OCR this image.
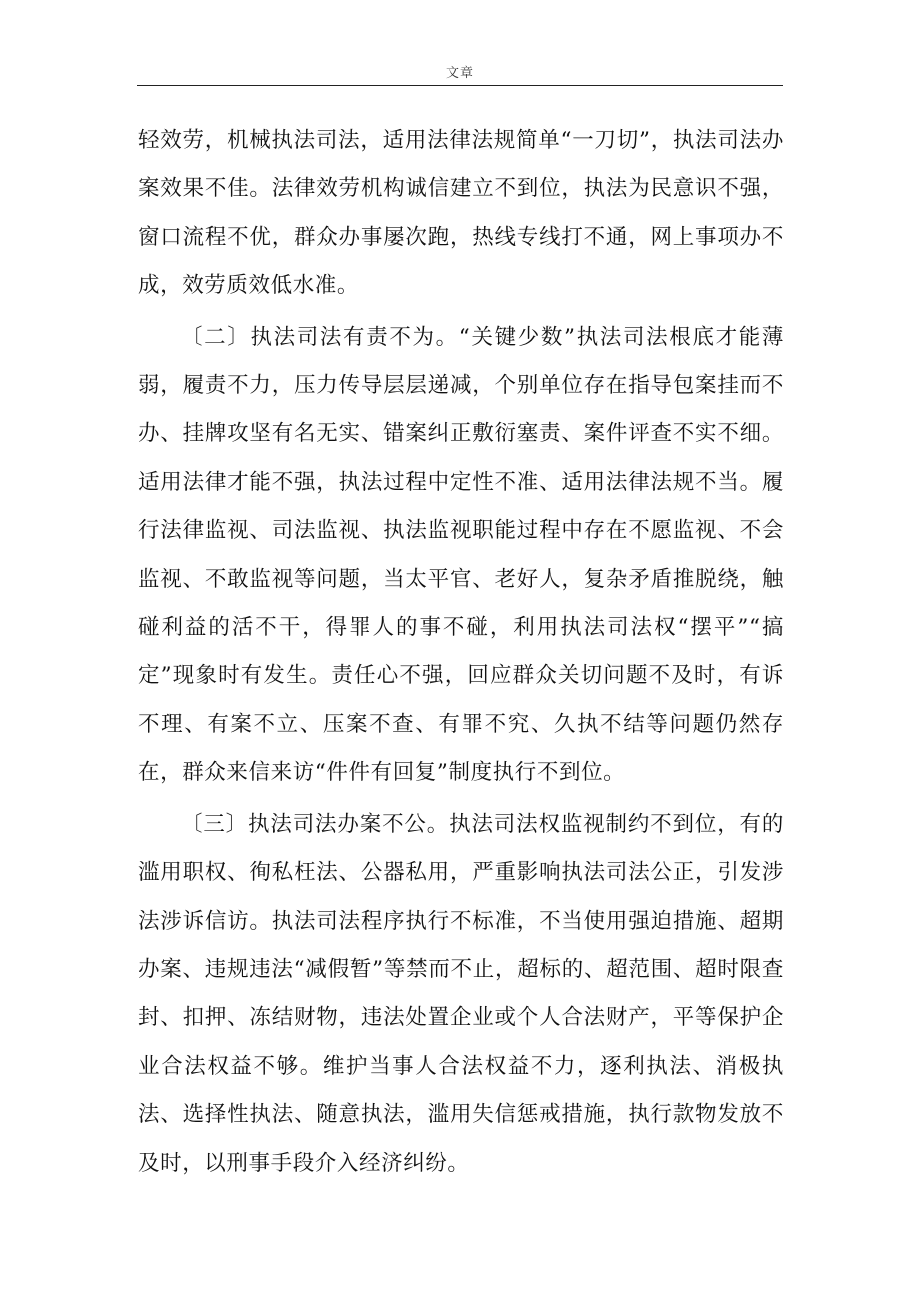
文章

轻效劳，机械执法司法，适用法律法规简单“一刀切”，执法司法办案效果不佳。法律效劳机构诚信建立不到位，执法为民意识不强，窗口流程不优，群众办事屡次跑，热线专线打不通，网上事项办不成，效劳质效低水准。

〔二〕执法司法有责不为。“关键少数”执法司法根底才能薄弱，履责不力，压力传导层层递减，个别单位存在指导包案挂而不办、挂牌攻坚有名无实、错案纠正敷衍塞责、案件评查不实不细。适用法律才能不强，执法过程中定性不准、适用法律法规不当。履行法律监视、司法监视、执法监视职能过程中存在不愿监视、不会监视、不敢监视等问题，当太平官、老好人，复杂矛盾推脱绕，触碰利益的活不干，得罪人的事不碰，利用执法司法权“摆平”“搞定”现象时有发生。责任心不强，回应群众关切问题不及时，有诉不理、有案不立、压案不查、有罪不究、久执不结等问题仍然存在，群众来信来访“件件有回复”制度执行不到位。

〔三〕执法司法办案不公。执法司法权监视制约不到位，有的滥用职权、徇私枉法、公器私用，严重影响执法司法公正，引发涉法涉诉信访。执法司法程序执行不标准，不当使用强迫措施、超期办案、违规违法“减假暂”等禁而不止，超标的、超范围、超时限查封、扣押、冻结财物，违法处置企业或个人合法财产，平等保护企业合法权益不够。维护当事人合法权益不力，逐利执法、消极执法、选择性执法、随意执法，滥用失信惩戒措施，执行款物发放不及时，以刑事手段介入经济纠纷。
